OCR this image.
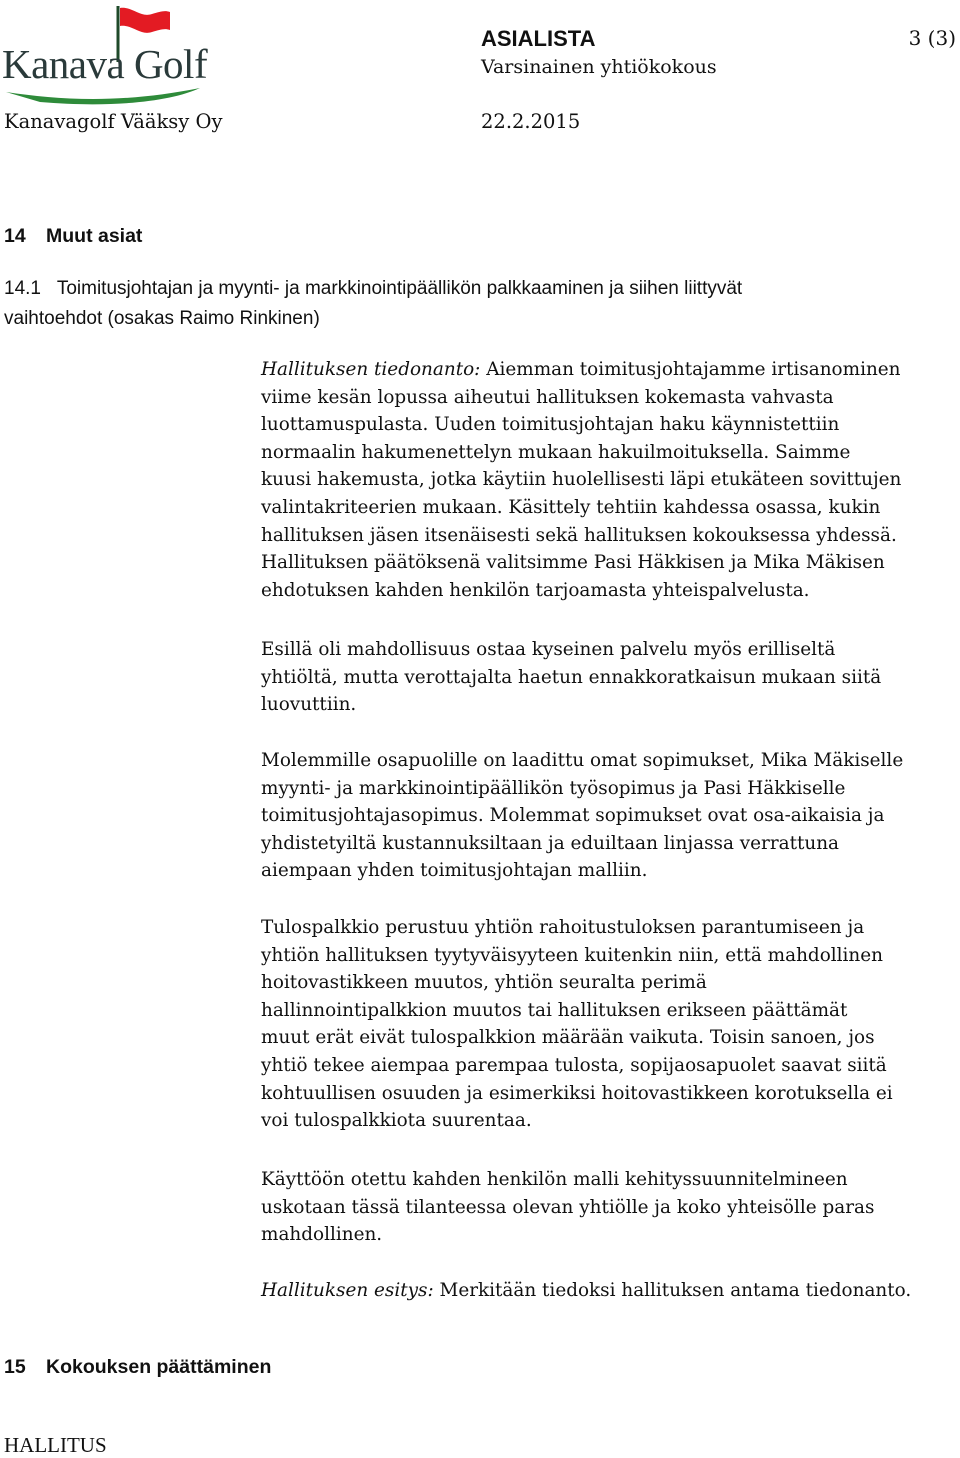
Kanava Golf
Kanavagolf Vääksy Oy
ASIALISTA	3 (3)
Varsinainen yhtiökokous
22.2.2015
14 Muut asiat
14.1 Toimitusjohtajan ja myynti- ja markkinointipäällikön palkkaaminen ja siihen liittyvät
vaihtoehdot (osakas Raimo Rinkinen)
Hallituksen tiedonanto: Aiemman toimitusjohtajamme irtisanominen
viime kesän lopussa aiheutui hallituksen kokemasta vahvasta
luottamuspulasta. Uuden toimitusjohtajan haku käynnistettiin
normaalin hakumenettelyn mukaan hakuilmoituksella. Saimme
kuusi hakemusta, jotka käytiin huolellisesti läpi etukäteen sovittujen
valintakriteerien mukaan. Käsittely tehtiin kahdessa osassa, kukin
hallituksen jäsen itsenäisesti sekä hallituksen kokouksessa yhdessä.
Hallituksen päätöksenä valitsimme Pasi Häkkisen ja Mika Mäkisen
ehdotuksen kahden henkilön tarjoamasta yhteispalvelusta.
Esillä oli mahdollisuus ostaa kyseinen palvelu myös erilliseltä
yhtiöltä, mutta verottajalta haetun ennakkoratkaisun mukaan siitä
luovuttiin.
Molemmille osapuolille on laadittu omat sopimukset, Mika Mäkiselle
myynti- ja markkinointipäällikön työsopimus ja Pasi Häkkiselle
toimitusjohtajasopimus. Molemmat sopimukset ovat osa-aikaisia ja
yhdistetyiltä kustannuksiltaan ja eduiltaan linjassa verrattuna
aiempaan yhden toimitusjohtajan malliin.
Tulospalkkio perustuu yhtiön rahoitustuloksen parantumiseen ja
yhtiön hallituksen tyytyväisyyteen kuitenkin niin, että mahdollinen
hoitovastikkeen muutos, yhtiön seuralta perimä
hallinnointipalkkion muutos tai hallituksen erikseen päättämät
muut erät eivät tulospalkkion määrään vaikuta. Toisin sanoen, jos
yhtiö tekee aiempaa parempaa tulosta, sopijaosapuolet saavat siitä
kohtuullisen osuuden ja esimerkiksi hoitovastikkeen korotuksella ei
voi tulospalkkiota suurentaa.
Käyttöön otettu kahden henkilön malli kehityssuunnitelmineen
uskotaan tässä tilanteessa olevan yhtiölle ja koko yhteisölle paras
mahdollinen.
Hallituksen esitys: Merkitään tiedoksi hallituksen antama tiedonanto.
15 Kokouksen päättäminen
HALLITUS
